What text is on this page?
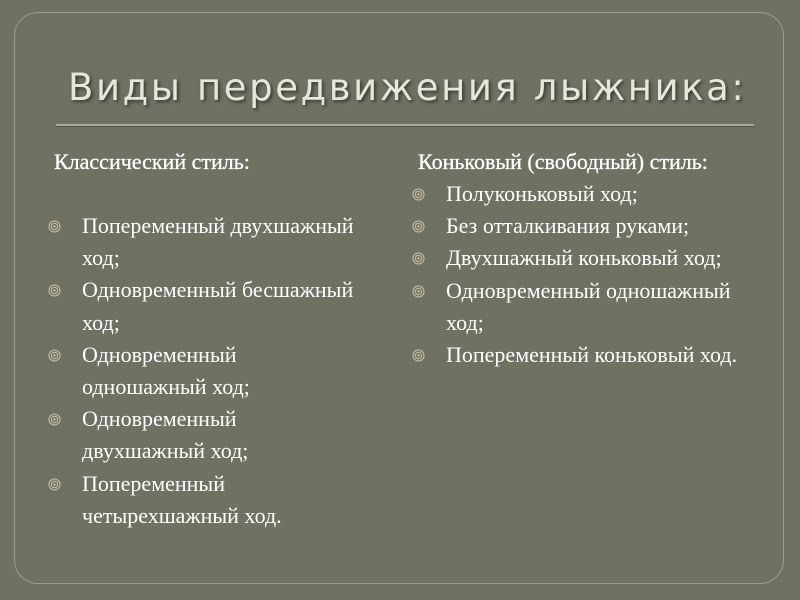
Виды передвижения лыжника:
Классический стиль:
Попеременный двухшажный ход;
Одновременный бесшажный ход;
Одновременный одношажный ход;
Одновременный двухшажный ход;
Попеременный четырехшажный ход.
Коньковый (свободный) стиль:
Полуконьковый ход;
Без отталкивания руками;
Двухшажный коньковый ход;
Одновременный одношажный ход;
Попеременный коньковый ход.
